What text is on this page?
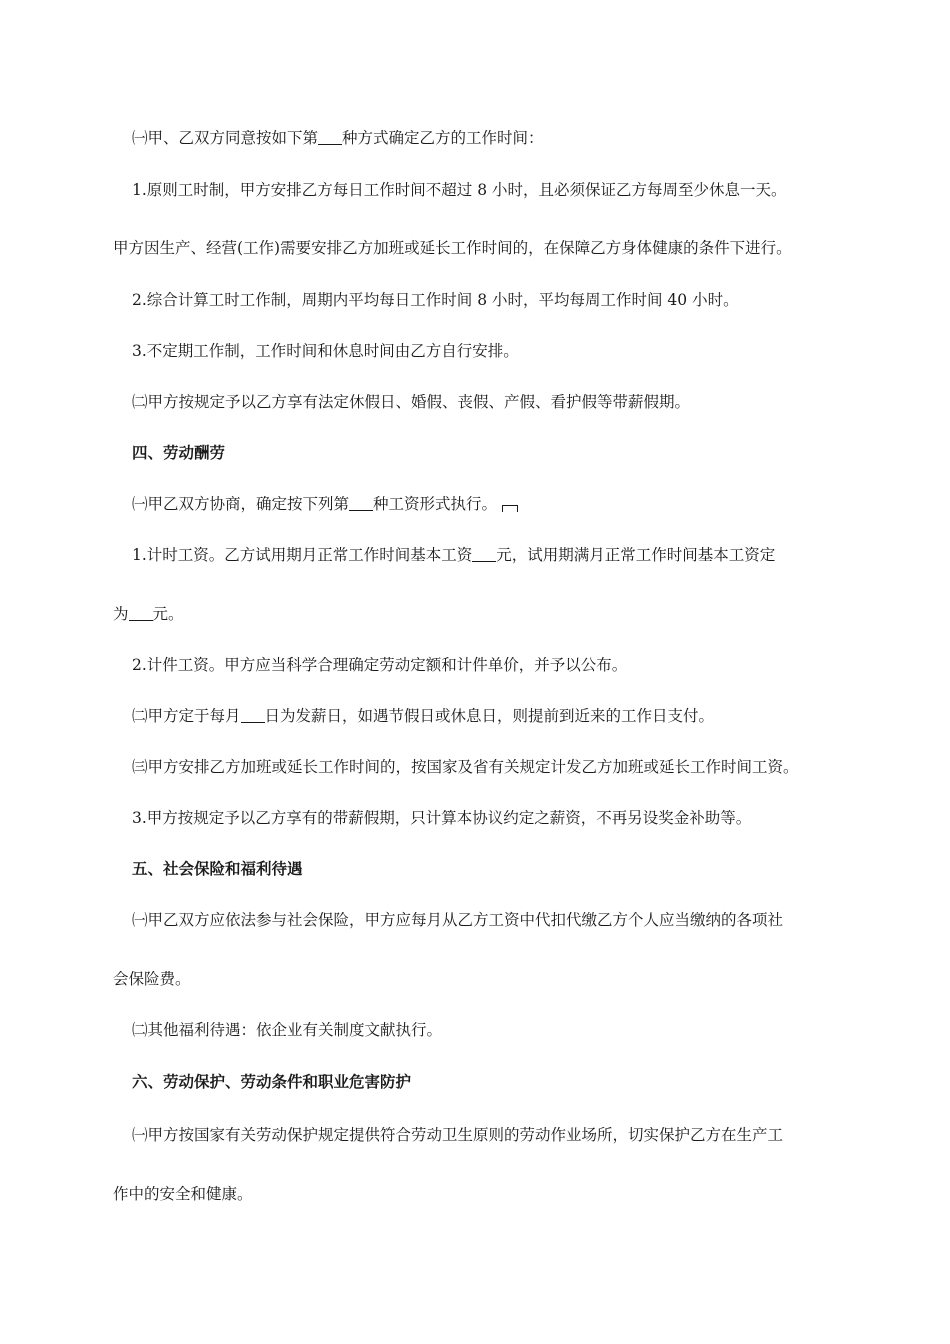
㈠甲、乙双方同意按如下第 种方式确定乙方的工作时间：
1.原则工时制，甲方安排乙方每日工作时间不超过 8 小时，且必须保证乙方每周至少休息一天。
甲方因生产、经营(工作)需要安排乙方加班或延长工作时间的，在保障乙方身体健康的条件下进行。
2.综合计算工时工作制，周期内平均每日工作时间 8 小时，平均每周工作时间 40 小时。
3.不定期工作制，工作时间和休息时间由乙方自行安排。
㈡甲方按规定予以乙方享有法定休假日、婚假、丧假、产假、看护假等带薪假期。
四、劳动酬劳
㈠甲乙双方协商，确定按下列第 种工资形式执行。
1.计时工资。乙方试用期月正常工作时间基本工资 元，试用期满月正常工作时间基本工资定
为 元。
2.计件工资。甲方应当科学合理确定劳动定额和计件单价，并予以公布。
㈡甲方定于每月 日为发薪日，如遇节假日或休息日，则提前到近来的工作日支付。
㈢甲方安排乙方加班或延长工作时间的，按国家及省有关规定计发乙方加班或延长工作时间工资。
3.甲方按规定予以乙方享有的带薪假期，只计算本协议约定之薪资，不再另设奖金补助等。
五、社会保险和福利待遇
㈠甲乙双方应依法参与社会保险，甲方应每月从乙方工资中代扣代缴乙方个人应当缴纳的各项社
会保险费。
㈡其他福利待遇：依企业有关制度文献执行。
六、劳动保护、劳动条件和职业危害防护
㈠甲方按国家有关劳动保护规定提供符合劳动卫生原则的劳动作业场所，切实保护乙方在生产工
作中的安全和健康。
